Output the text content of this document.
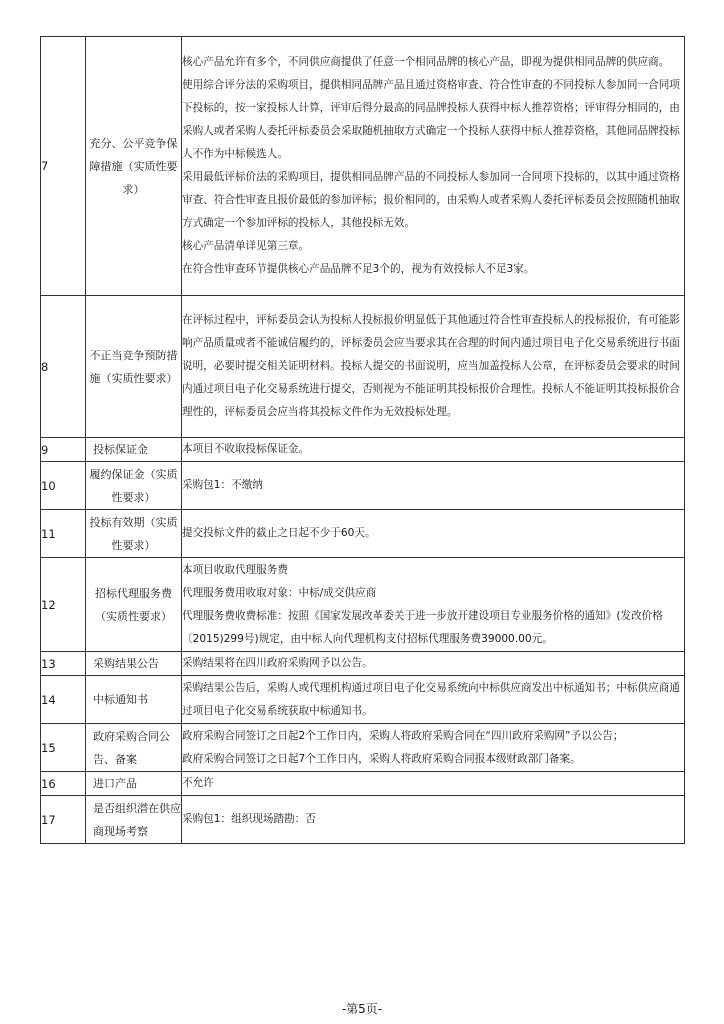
7	充分、公平竞争保障措施（实质性要求）	核心产品允许有多个，不同供应商提供了任意一个相同品牌的核心产品，即视为提供相同品牌的供应商。
使用综合评分法的采购项目，提供相同品牌产品且通过资格审查、符合性审查的不同投标人参加同一合同项下投标的，按一家投标人计算，评审后得分最高的同品牌投标人获得中标人推荐资格；评审得分相同的，由采购人或者采购人委托评标委员会采取随机抽取方式确定一个投标人获得中标人推荐资格，其他同品牌投标人不作为中标候选人。
采用最低评标价法的采购项目，提供相同品牌产品的不同投标人参加同一合同项下投标的，以其中通过资格审查、符合性审查且报价最低的参加评标；报价相同的，由采购人或者采购人委托评标委员会按照随机抽取方式确定一个参加评标的投标人，其他投标无效。
核心产品清单详见第三章。
在符合性审查环节提供核心产品品牌不足3个的，视为有效投标人不足3家。

8	不正当竞争预防措施（实质性要求）	在评标过程中，评标委员会认为投标人投标报价明显低于其他通过符合性审查投标人的投标报价，有可能影响产品质量或者不能诚信履约的，评标委员会应当要求其在合理的时间内通过项目电子化交易系统进行书面说明，必要时提交相关证明材料。投标人提交的书面说明，应当加盖投标人公章，在评标委员会要求的时间内通过项目电子化交易系统进行提交，否则视为不能证明其投标报价合理性。投标人不能证明其投标报价合理性的，评标委员会应当将其投标文件作为无效投标处理。

9	投标保证金	本项目不收取投标保证金。

10	履约保证金（实质性要求）	采购包1：不缴纳

11	投标有效期（实质性要求）	提交投标文件的截止之日起不少于60天。

12	招标代理服务费（实质性要求）	本项目收取代理服务费
代理服务费用收取对象：中标/成交供应商
代理服务费收费标准：按照《国家发展改革委关于进一步放开建设项目专业服务价格的通知》(发改价格〔2015)299号)规定，由中标人向代理机构支付招标代理服务费39000.00元。

13	采购结果公告	采购结果将在四川政府采购网予以公告。

14	中标通知书	采购结果公告后，采购人或代理机构通过项目电子化交易系统向中标供应商发出中标通知书；中标供应商通过项目电子化交易系统获取中标通知书。

15	政府采购合同公告、备案	政府采购合同签订之日起2个工作日内，采购人将政府采购合同在“四川政府采购网”予以公告；
政府采购合同签订之日起7个工作日内，采购人将政府采购合同报本级财政部门备案。

16	进口产品	不允许

17	是否组织潜在供应商现场考察	采购包1：组织现场踏勘：否
-第5页-
